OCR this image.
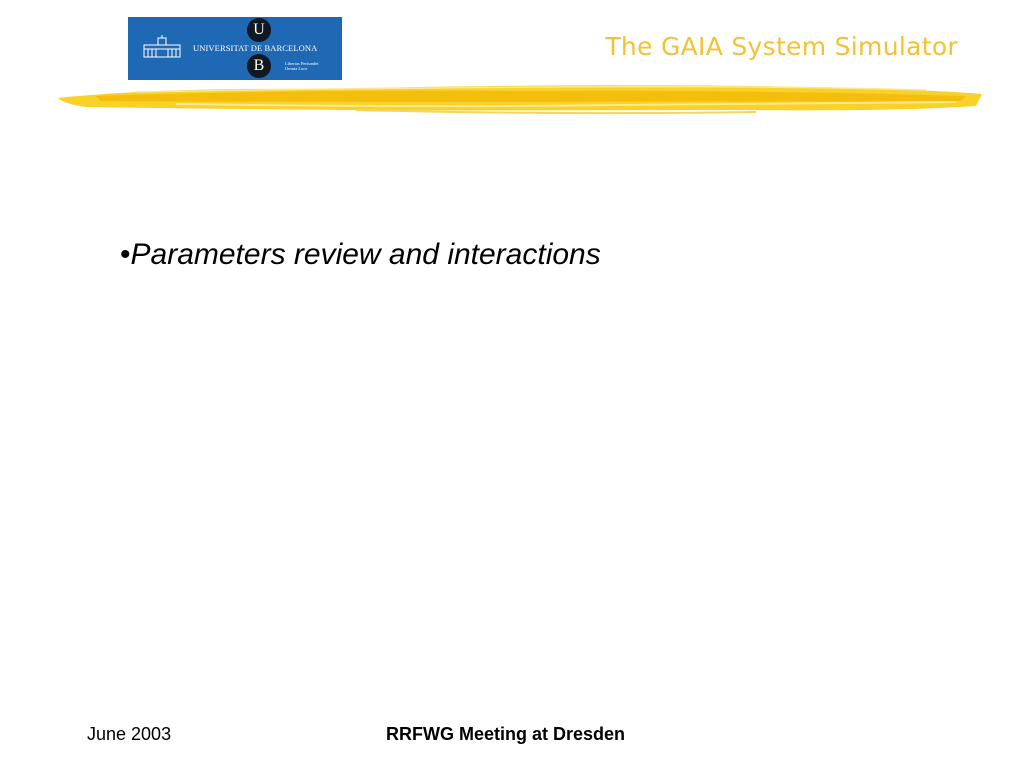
UNIVERSITAT DE BARCELONA
U
B	Libertas Perfundet
Omnia Luce
The GAIA System Simulator
•Parameters review and interactions
June 2003	RRFWG Meeting at Dresden
